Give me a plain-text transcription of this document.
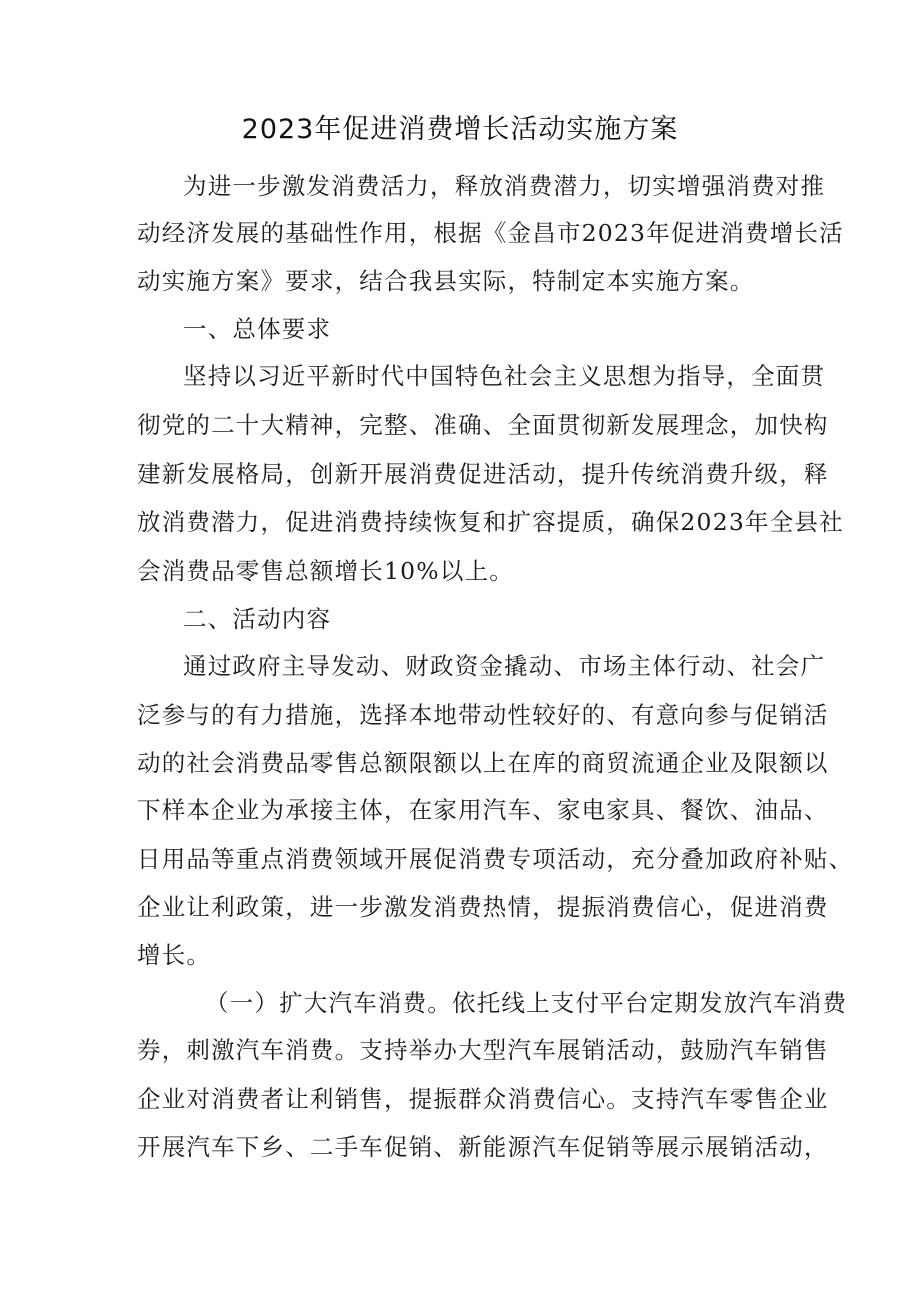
2023年促进消费增长活动实施方案
为进一步激发消费活力，释放消费潜力，切实增强消费对推
动经济发展的基础性作用，根据《金昌市2023年促进消费增长活
动实施方案》要求，结合我县实际，特制定本实施方案。
一、总体要求
坚持以习近平新时代中国特色社会主义思想为指导，全面贯
彻党的二十大精神，完整、准确、全面贯彻新发展理念，加快构
建新发展格局，创新开展消费促进活动，提升传统消费升级，释
放消费潜力，促进消费持续恢复和扩容提质，确保2023年全县社
会消费品零售总额增长10%以上。
二、活动内容
通过政府主导发动、财政资金撬动、市场主体行动、社会广
泛参与的有力措施，选择本地带动性较好的、有意向参与促销活
动的社会消费品零售总额限额以上在库的商贸流通企业及限额以
下样本企业为承接主体，在家用汽车、家电家具、餐饮、油品、
日用品等重点消费领域开展促消费专项活动，充分叠加政府补贴、
企业让利政策，进一步激发消费热情，提振消费信心，促进消费
增长。
（一）扩大汽车消费。依托线上支付平台定期发放汽车消费
券，刺激汽车消费。支持举办大型汽车展销活动，鼓励汽车销售
企业对消费者让利销售，提振群众消费信心。支持汽车零售企业
开展汽车下乡、二手车促销、新能源汽车促销等展示展销活动，
